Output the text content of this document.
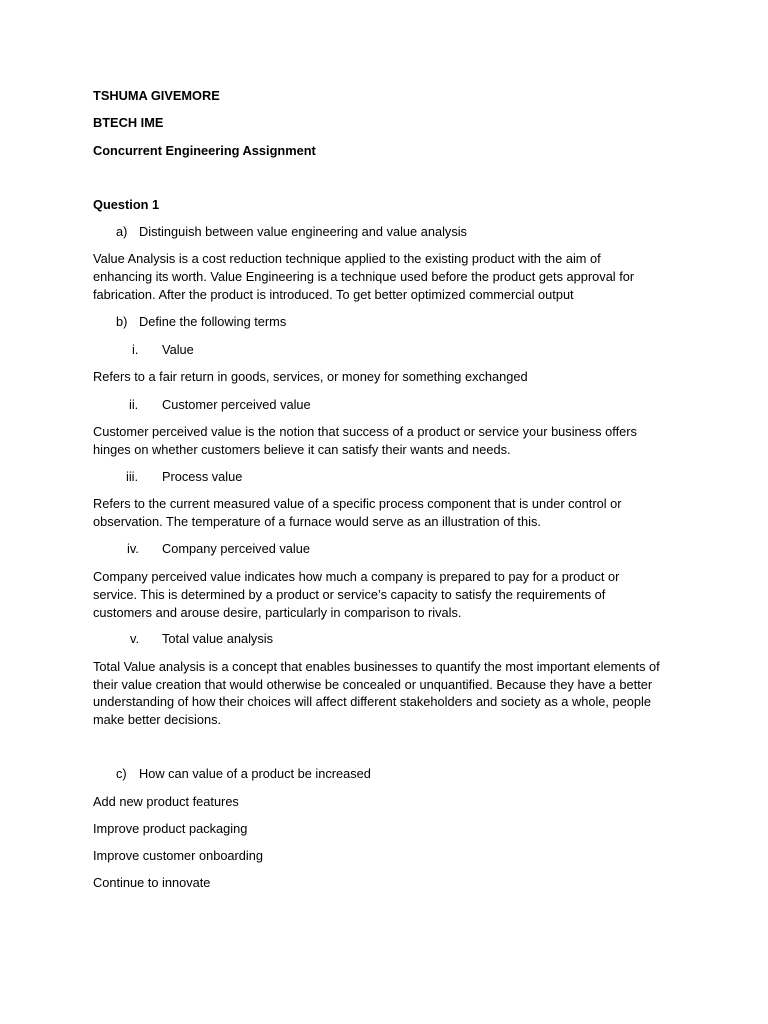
TSHUMA GIVEMORE
BTECH IME
Concurrent Engineering Assignment
Question 1
a) Distinguish between value engineering and value analysis
Value Analysis is a cost reduction technique applied to the existing product with the aim of
enhancing its worth. Value Engineering is a technique used before the product gets approval for
fabrication. After the product is introduced. To get better optimized commercial output
b) Define the following terms
i. Value
Refers to a fair return in goods, services, or money for something exchanged
ii. Customer perceived value
Customer perceived value is the notion that success of a product or service your business offers
hinges on whether customers believe it can satisfy their wants and needs.
iii. Process value
Refers to the current measured value of a specific process component that is under control or
observation. The temperature of a furnace would serve as an illustration of this.
iv. Company perceived value
Company perceived value indicates how much a company is prepared to pay for a product or
service. This is determined by a product or service’s capacity to satisfy the requirements of
customers and arouse desire, particularly in comparison to rivals.
v. Total value analysis
Total Value analysis is a concept that enables businesses to quantify the most important elements of
their value creation that would otherwise be concealed or unquantified. Because they have a better
understanding of how their choices will affect different stakeholders and society as a whole, people
make better decisions.
c) How can value of a product be increased
Add new product features
Improve product packaging
Improve customer onboarding
Continue to innovate
